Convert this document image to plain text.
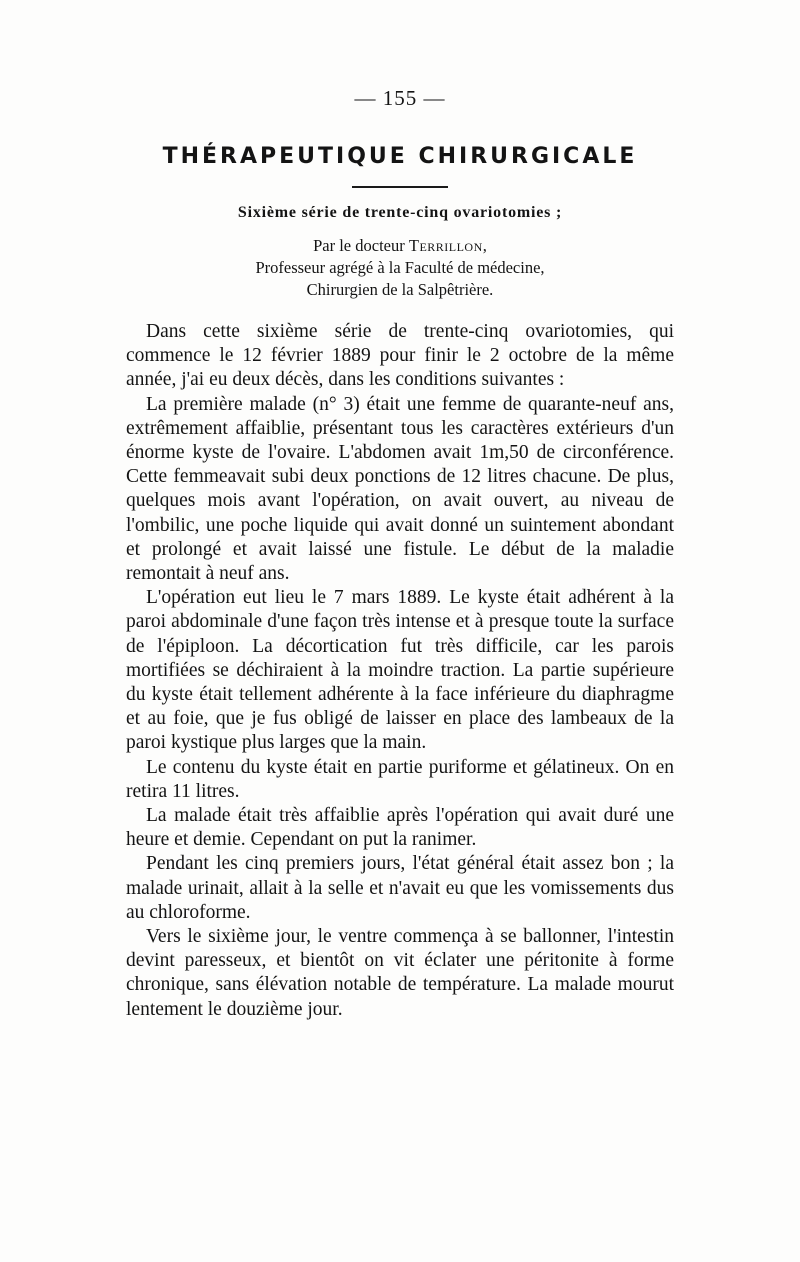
— 155 —
THÉRAPEUTIQUE CHIRURGICALE
Sixième série de trente-cinq ovariotomies ;
Par le docteur Terrillon,
Professeur agrégé à la Faculté de médecine,
Chirurgien de la Salpêtrière.

Dans cette sixième série de trente-cinq ovariotomies, qui commence le 12 février 1889 pour finir le 2 octobre de la même année, j'ai eu deux décès, dans les conditions suivantes :

La première malade (n° 3) était une femme de quarante-neuf ans, extrêmement affaiblie, présentant tous les caractères extérieurs d'un énorme kyste de l'ovaire. L'abdomen avait 1m,50 de circonférence. Cette femmeavait subi deux ponctions de 12 litres chacune. De plus, quelques mois avant l'opération, on avait ouvert, au niveau de l'ombilic, une poche liquide qui avait donné un suintement abondant et prolongé et avait laissé une fistule. Le début de la maladie remontait à neuf ans.

L'opération eut lieu le 7 mars 1889. Le kyste était adhérent à la paroi abdominale d'une façon très intense et à presque toute la surface de l'épiploon. La décortication fut très difficile, car les parois mortifiées se déchiraient à la moindre traction. La partie supérieure du kyste était tellement adhérente à la face inférieure du diaphragme et au foie, que je fus obligé de laisser en place des lambeaux de la paroi kystique plus larges que la main.

Le contenu du kyste était en partie puriforme et gélatineux. On en retira 11 litres.

La malade était très affaiblie après l'opération qui avait duré une heure et demie. Cependant on put la ranimer.

Pendant les cinq premiers jours, l'état général était assez bon ; la malade urinait, allait à la selle et n'avait eu que les vomissements dus au chloroforme.

Vers le sixième jour, le ventre commença à se ballonner, l'intestin devint paresseux, et bientôt on vit éclater une péritonite à forme chronique, sans élévation notable de température. La malade mourut lentement le douzième jour.
